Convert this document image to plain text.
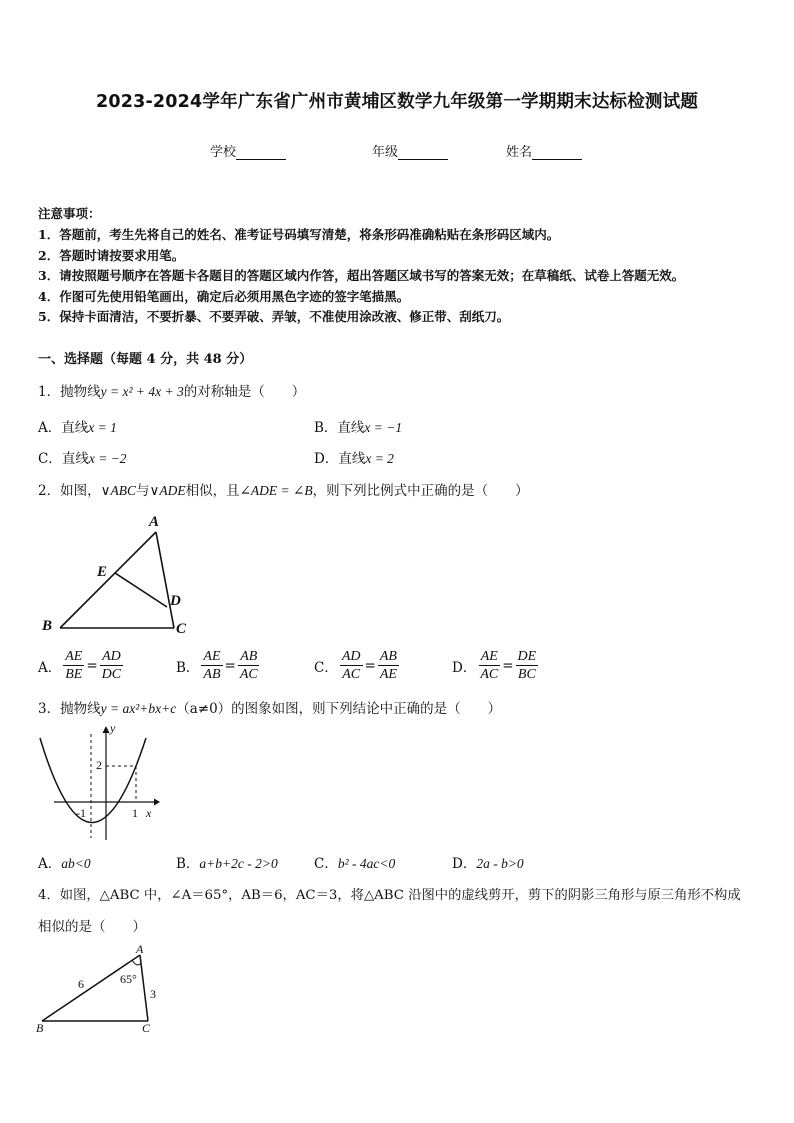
2023-2024学年广东省广州市黄埔区数学九年级第一学期期末达标检测试题
学校	年级	姓名
注意事项：
1．答题前，考生先将自己的姓名、准考证号码填写清楚，将条形码准确粘贴在条形码区域内。
2．答题时请按要求用笔。
3．请按照题号顺序在答题卡各题目的答题区域内作答，超出答题区域书写的答案无效；在草稿纸、试卷上答题无效。
4．作图可先使用铅笔画出，确定后必须用黑色字迹的签字笔描黑。
5．保持卡面清洁，不要折暴、不要弄破、弄皱，不准使用涂改液、修正带、刮纸刀。
一、选择题（每题 4 分，共 48 分）
1．抛物线y = x² + 4x + 3的对称轴是（　　）
A．直线x = 1	B．直线x = −1
C．直线x = −2	D．直线x = 2
2．如图，∨ABC与∨ADE相似，且∠ADE = ∠B，则下列比例式中正确的是（　　）
A
B	C
D
E
A． $\frac{AE}{BE} = \frac{AD}{DC}$	B． $\frac{AE}{AB} = \frac{AB}{AC}$	C． $\frac{AD}{AC} = \frac{AB}{AE}$	D． $\frac{AE}{AC} = \frac{DE}{BC}$
3．抛物线y = ax²+bx+c（a≠0）的图象如图，则下列结论中正确的是（　　）
y
x
2
-1	1
A．ab<0	B．a+b+2c - 2>0	C．b² - 4ac<0	D．2a - b>0
4．如图，△ABC 中，∠A＝65°，AB＝6，AC＝3，将△ABC 沿图中的虚线剪开，剪下的阴影三角形与原三角形不构成
相似的是（　　）
A
B	C
6
3
65°
